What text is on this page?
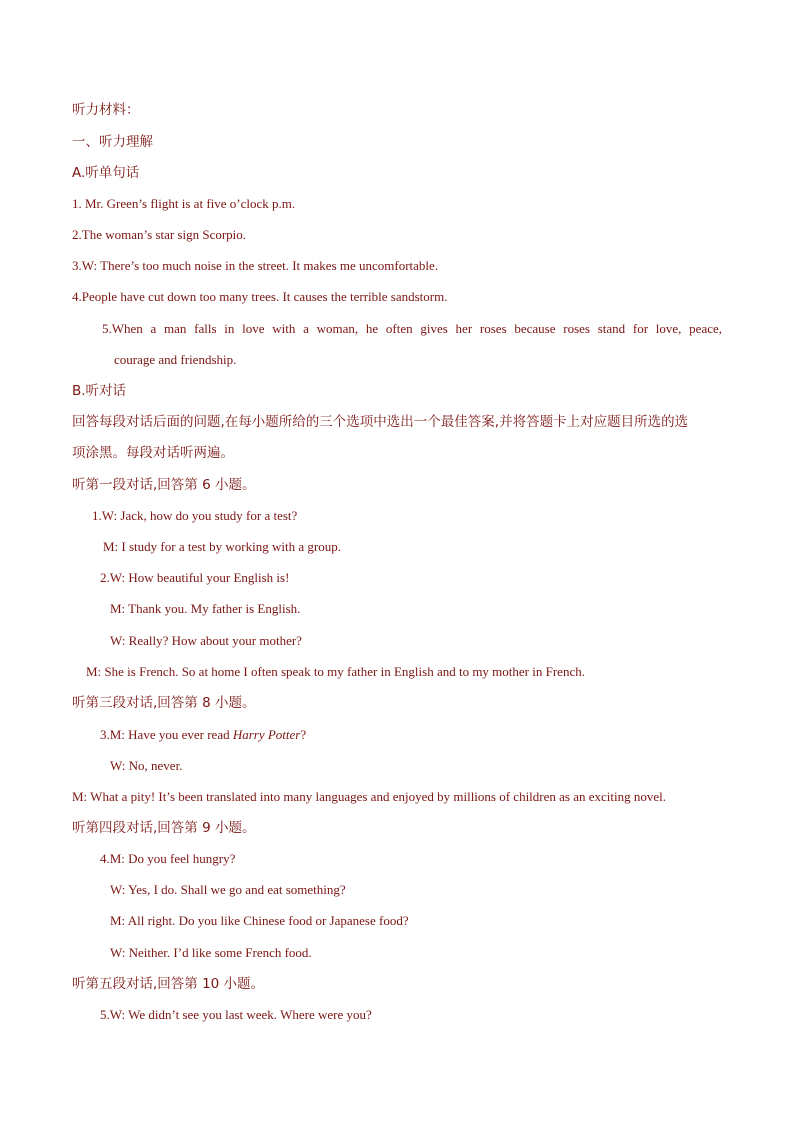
听力材料：
一、听力理解
A.听单句话
1. Mr. Green’s flight is at five o’clock p.m.
2.The woman’s star sign Scorpio.
3.W: There’s too much noise in the street. It makes me uncomfortable.
4.People have cut down too many trees. It causes the terrible sandstorm.
5.When a man falls in love with a woman, he often gives her roses because roses stand for love, peace,
courage and friendship.
B.听对话
回答每段对话后面的问题,在每小题所给的三个选项中选出一个最佳答案,并将答题卡上对应题目所选的选
项涂黑。每段对话听两遍。
听第一段对话,回答第 6 小题。
1.W: Jack, how do you study for a test?
M: I study for a test by working with a group.
2.W: How beautiful your English is!
M: Thank you. My father is English.
W: Really? How about your mother?
M: She is French. So at home I often speak to my father in English and to my mother in French.
听第三段对话,回答第 8 小题。
3.M: Have you ever read Harry Potter?
W: No, never.
M: What a pity! It’s been translated into many languages and enjoyed by millions of children as an exciting novel.
听第四段对话,回答第 9 小题。
4.M: Do you feel hungry?
W: Yes, I do. Shall we go and eat something?
M: All right. Do you like Chinese food or Japanese food?
W: Neither. I’d like some French food.
听第五段对话,回答第 10 小题。
5.W: We didn’t see you last week. Where were you?
